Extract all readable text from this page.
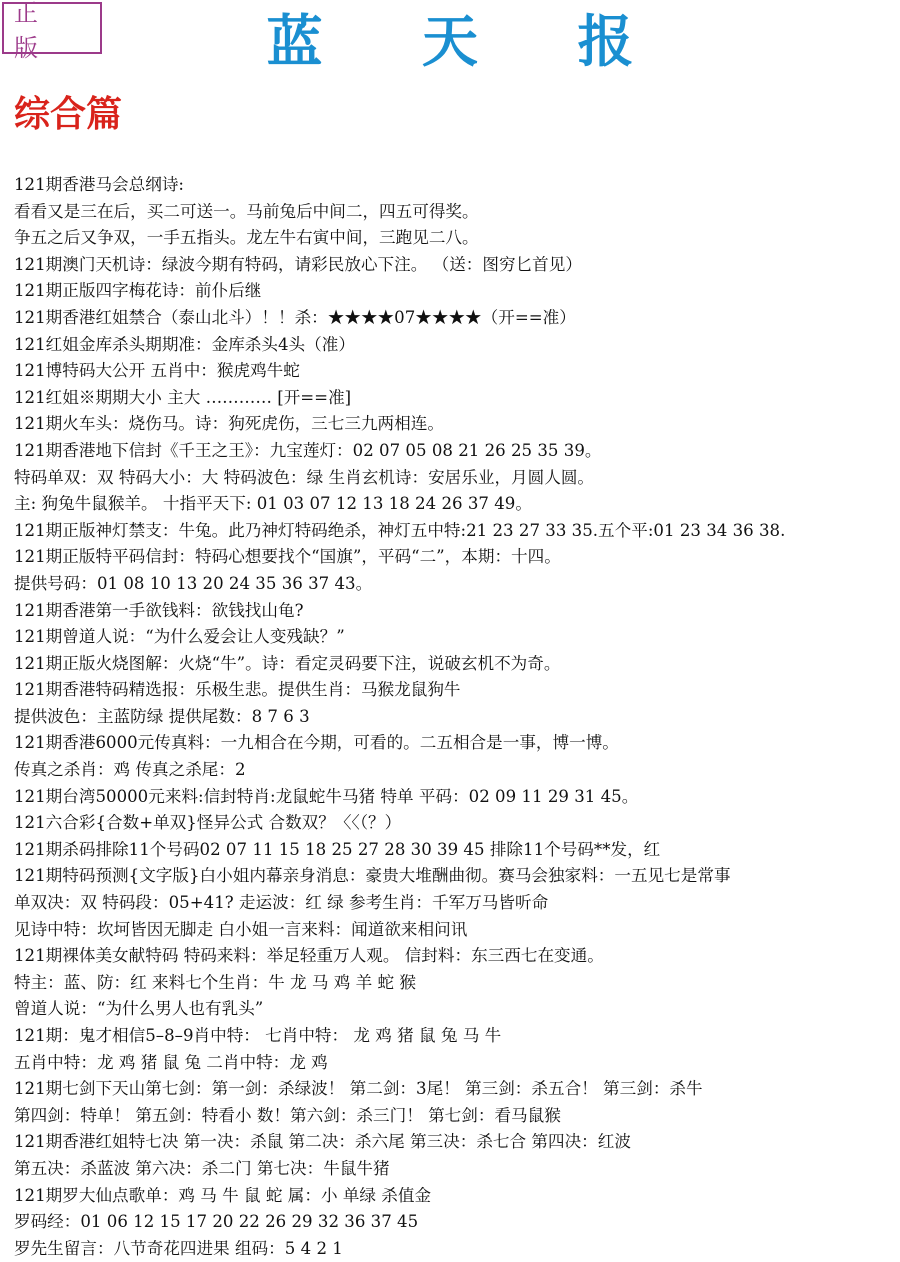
正 版	蓝 天 报
综合篇
121期香港马会总纲诗:
看看又是三在后，买二可送一。马前兔后中间二，四五可得奖。
争五之后又争双，一手五指头。龙左牛右寅中间，三跑见二八。
121期澳门天机诗：绿波今期有特码，请彩民放心下注。 （送：图穷匕首见）
121期正版四字梅花诗：前仆后继
121期香港红姐禁合（泰山北斗）！！杀：★★★★07★★★★（开==准）
121红姐金库杀头期期准：金库杀头4头（准）
121博特码大公开 五肖中：猴虎鸡牛蛇
121红姐※期期大小 主大 ………… [开==准]
121期火车头：烧伤马。诗：狗死虎伤，三七三九两相连。
121期香港地下信封《千王之王》：九宝莲灯：02 07 05 08 21 26 25 35 39。
特码单双：双 特码大小：大 特码波色：绿 生肖玄机诗：安居乐业，月圆人圆。
主: 狗兔牛鼠猴羊。 十指平天下: 01 03 07 12 13 18 24 26 37 49。
121期正版神灯禁支：牛兔。此乃神灯特码绝杀，神灯五中特:21 23 27 33 35.五个平:01 23 34 36 38.
121期正版特平码信封：特码心想要找个“国旗”，平码“二”，本期：十四。
提供号码：01 08 10 13 20 24 35 36 37 43。
121期香港第一手欲钱料：欲钱找山龟?
121期曾道人说：“为什么爱会让人变残缺？”
121期正版火烧图解：火烧“牛”。诗：看定灵码要下注，说破玄机不为奇。
121期香港特码精选报：乐极生悲。提供生肖：马猴龙鼠狗牛
提供波色：主蓝防绿 提供尾数：8 7 6 3
121期香港6000元传真料：一九相合在今期，可看的。二五相合是一事，博一博。
传真之杀肖：鸡 传真之杀尾：2
121期台湾50000元来料:信封特肖:龙鼠蛇牛马猪 特单 平码：02 09 11 29 31 45。
121六合彩{合数+单双}怪异公式 合数双？〈〈（？）
121期杀码排除11个号码02 07 11 15 18 25 27 28 30 39 45 排除11个号码**发，红
121期特码预测{文字版}白小姐内幕亲身消息：豪贵大堆酬曲彻。赛马会独家料：一五见七是常事
单双决：双 特码段：05+41? 走运波：红 绿 参考生肖：千军万马皆听命
见诗中特：坎坷皆因无脚走 白小姐一言来料：闻道欲来相问讯
121期裸体美女献特码 特码来料：举足轻重万人观。 信封料：东三西七在变通。
特主：蓝、防：红 来料七个生肖：牛 龙 马 鸡 羊 蛇 猴
曾道人说：“为什么男人也有乳头”
121期：鬼才相信5–8–9肖中特： 七肖中特： 龙 鸡 猪 鼠 兔 马 牛
五肖中特：龙 鸡 猪 鼠 兔 二肖中特：龙 鸡
121期七剑下天山第七剑：第一剑：杀绿波！ 第二剑：3尾！ 第三剑：杀五合！ 第三剑：杀牛
第四剑：特单！ 第五剑：特看小 数！第六剑：杀三门！ 第七剑：看马鼠猴
121期香港红姐特七决 第一决：杀鼠 第二决：杀六尾 第三决：杀七合 第四决：红波
第五决：杀蓝波 第六决：杀二门 第七决：牛鼠牛猪
121期罗大仙点歌单：鸡 马 牛 鼠 蛇 属：小 单绿 杀值金
罗码经：01 06 12 15 17 20 22 26 29 32 36 37 45
罗先生留言：八节奇花四进果 组码：5 4 2 1
